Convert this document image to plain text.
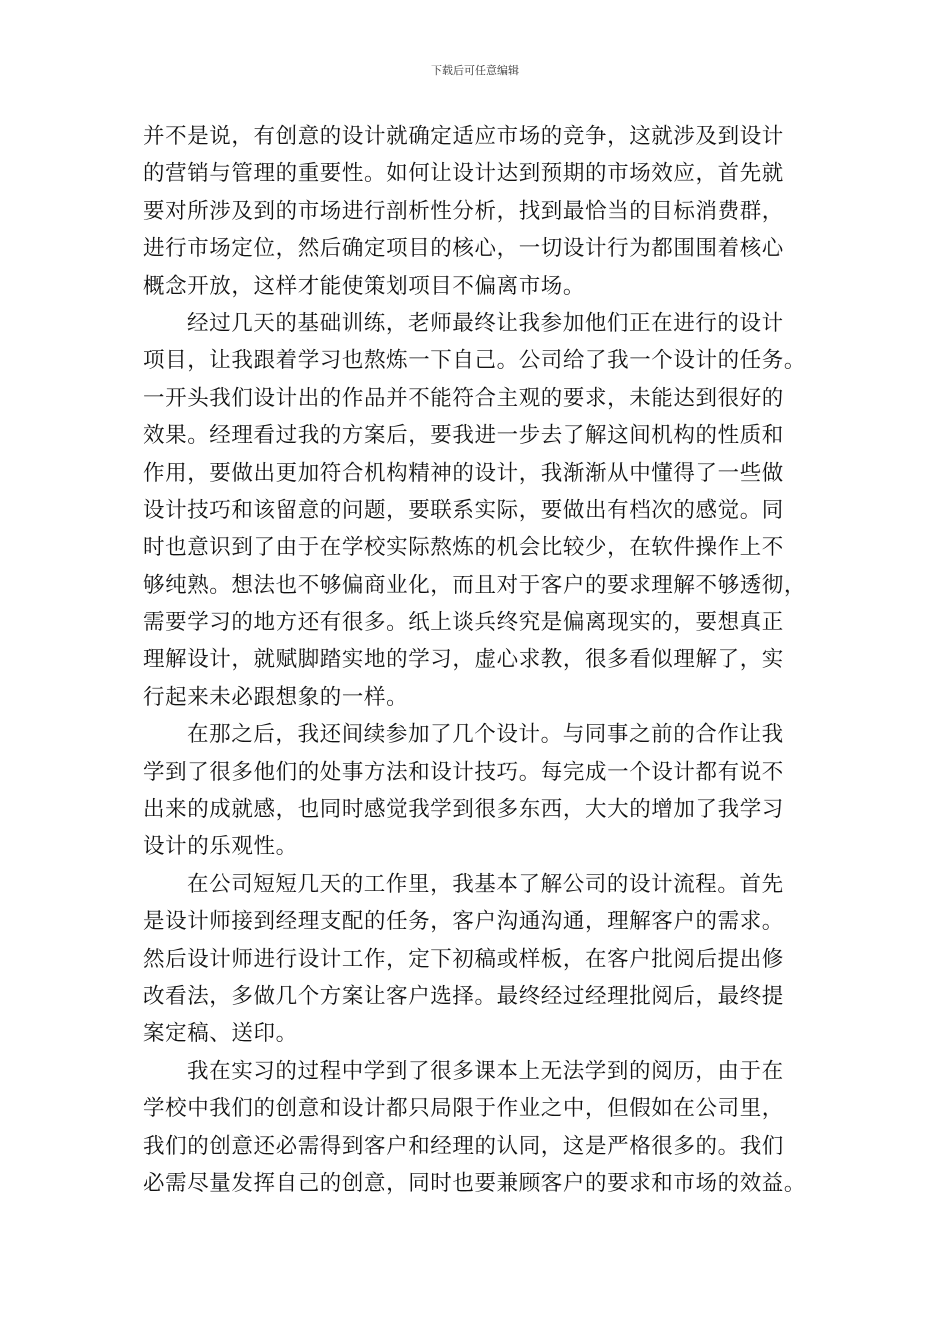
下载后可任意编辑
并不是说，有创意的设计就确定适应市场的竞争，这就涉及到设计
的营销与管理的重要性。如何让设计达到预期的市场效应，首先就
要对所涉及到的市场进行剖析性分析，找到最恰当的目标消费群，
进行市场定位，然后确定项目的核心，一切设计行为都围围着核心
概念开放，这样才能使策划项目不偏离市场。
经过几天的基础训练，老师最终让我参加他们正在进行的设计
项目，让我跟着学习也熬炼一下自己。公司给了我一个设计的任务。
一开头我们设计出的作品并不能符合主观的要求，未能达到很好的
效果。经理看过我的方案后，要我进一步去了解这间机构的性质和
作用，要做出更加符合机构精神的设计，我渐渐从中懂得了一些做
设计技巧和该留意的问题，要联系实际，要做出有档次的感觉。同
时也意识到了由于在学校实际熬炼的机会比较少，在软件操作上不
够纯熟。想法也不够偏商业化，而且对于客户的要求理解不够透彻，
需要学习的地方还有很多。纸上谈兵终究是偏离现实的，要想真正
理解设计，就赋脚踏实地的学习，虚心求教，很多看似理解了，实
行起来未必跟想象的一样。
在那之后，我还间续参加了几个设计。与同事之前的合作让我
学到了很多他们的处事方法和设计技巧。每完成一个设计都有说不
出来的成就感，也同时感觉我学到很多东西，大大的增加了我学习
设计的乐观性。
在公司短短几天的工作里，我基本了解公司的设计流程。首先
是设计师接到经理支配的任务，客户沟通沟通，理解客户的需求。
然后设计师进行设计工作，定下初稿或样板，在客户批阅后提出修
改看法，多做几个方案让客户选择。最终经过经理批阅后，最终提
案定稿、送印。
我在实习的过程中学到了很多课本上无法学到的阅历，由于在
学校中我们的创意和设计都只局限于作业之中，但假如在公司里，
我们的创意还必需得到客户和经理的认同，这是严格很多的。我们
必需尽量发挥自己的创意，同时也要兼顾客户的要求和市场的效益。
